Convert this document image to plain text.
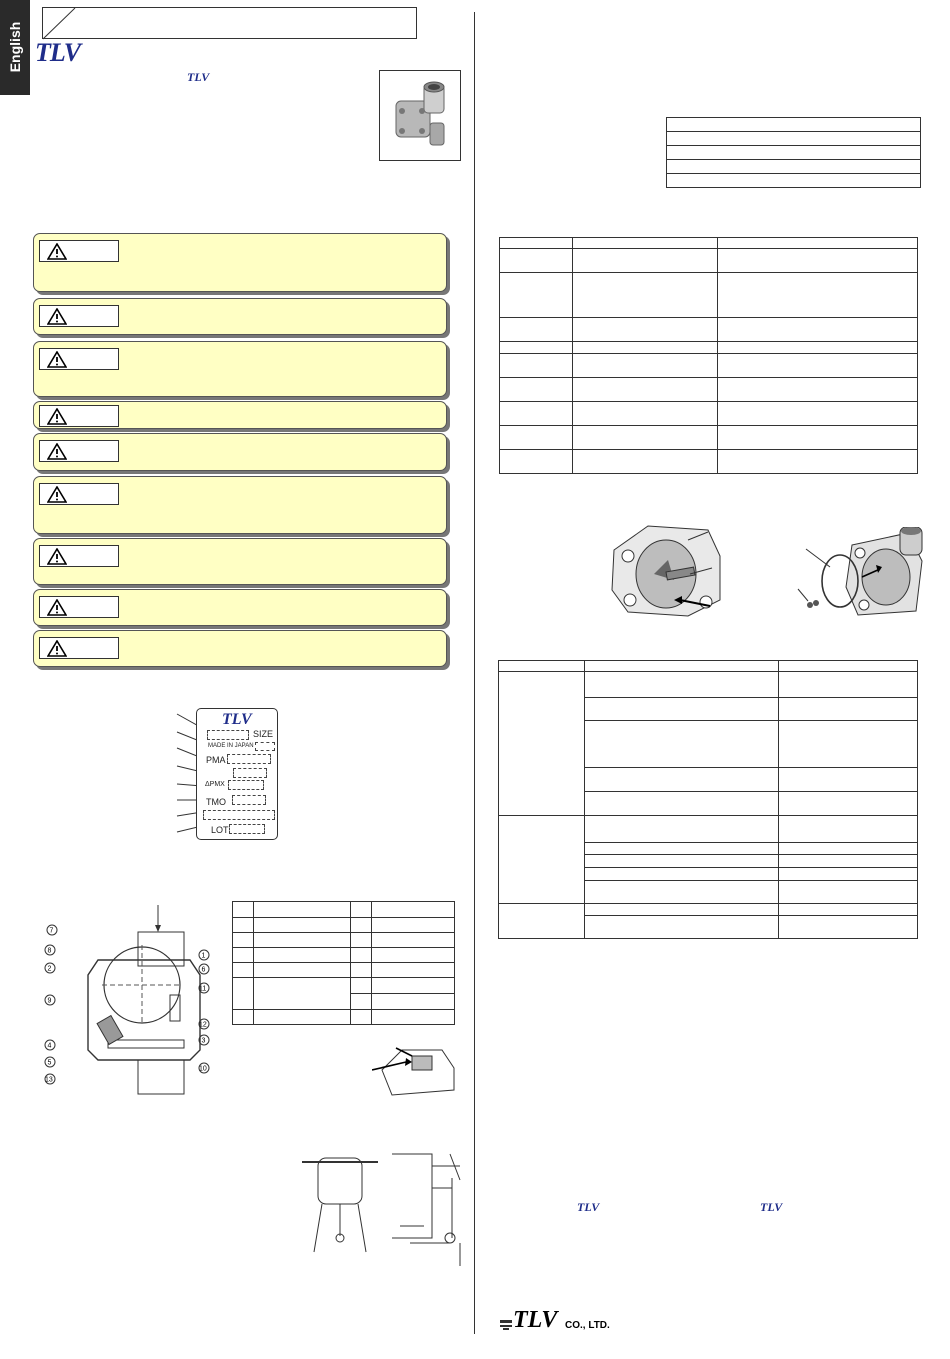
English TLV
TLV
TLV
SIZE
MADE IN JAPAN
PMA
ΔPMX
TMO
LOT
7
8
2
9
4
5
13
1
6
11
12
3
10

TLV	TLV
TLV CO., LTD.
